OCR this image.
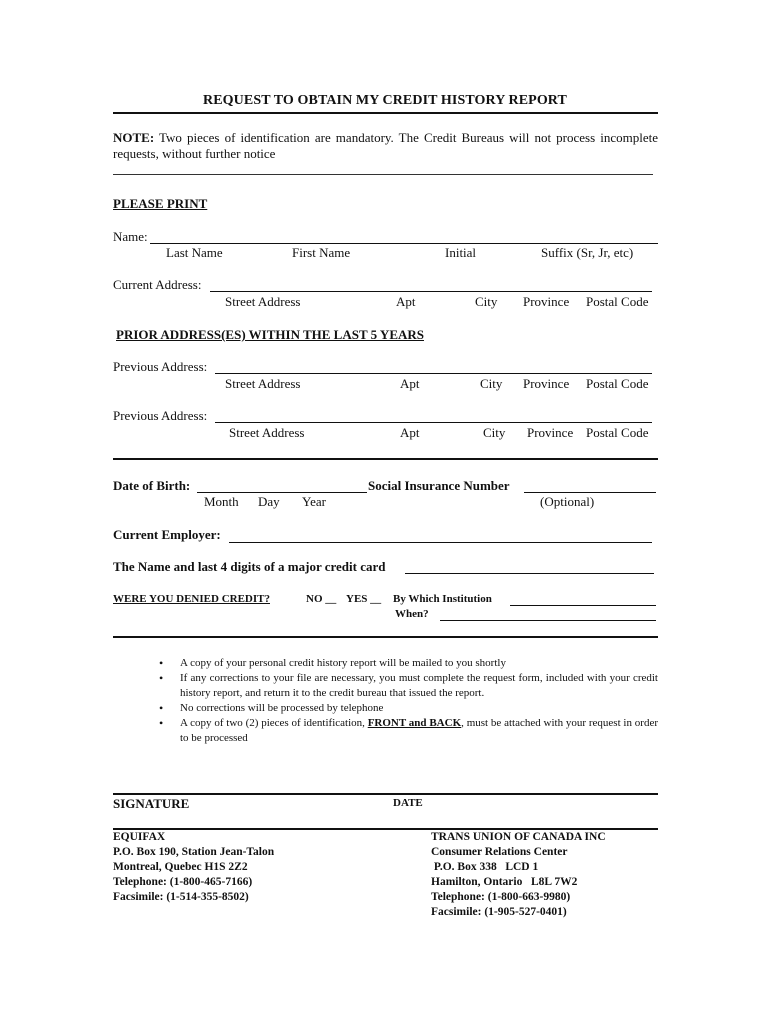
REQUEST TO OBTAIN MY CREDIT HISTORY REPORT
NOTE: Two pieces of identification are mandatory. The Credit Bureaus will not process incomplete requests, without further notice
PLEASE PRINT
Name:
Last Name	First Name	Initial	Suffix (Sr, Jr, etc)
Current Address:
Street Address	Apt	City Province Postal Code
PRIOR ADDRESS(ES) WITHIN THE LAST 5 YEARS
Previous Address:
Street Address	Apt	City Province Postal Code
Previous Address:
Street Address	Apt	City Province Postal Code
Date of Birth:	Social Insurance Number
Month Day Year	(Optional)
Current Employer:
The Name and last 4 digits of a major credit card
WERE YOU DENIED CREDIT?	NO __ YES __ By Which Institution
When?
• A copy of your personal credit history report will be mailed to you shortly
• If any corrections to your file are necessary, you must complete the request form, included with your credit history report, and return it to the credit bureau that issued the report.
• No corrections will be processed by telephone
• A copy of two (2) pieces of identification, FRONT and BACK, must be attached with your request in order to be processed
SIGNATURE	DATE
EQUIFAX
P.O. Box 190, Station Jean-Talon
Montreal, Quebec H1S 2Z2
Telephone: (1-800-465-7166)
Facsimile: (1-514-355-8502)
TRANS UNION OF CANADA INC
Consumer Relations Center
P.O. Box 338   LCD 1
Hamilton, Ontario   L8L 7W2
Telephone: (1-800-663-9980)
Facsimile: (1-905-527-0401)
